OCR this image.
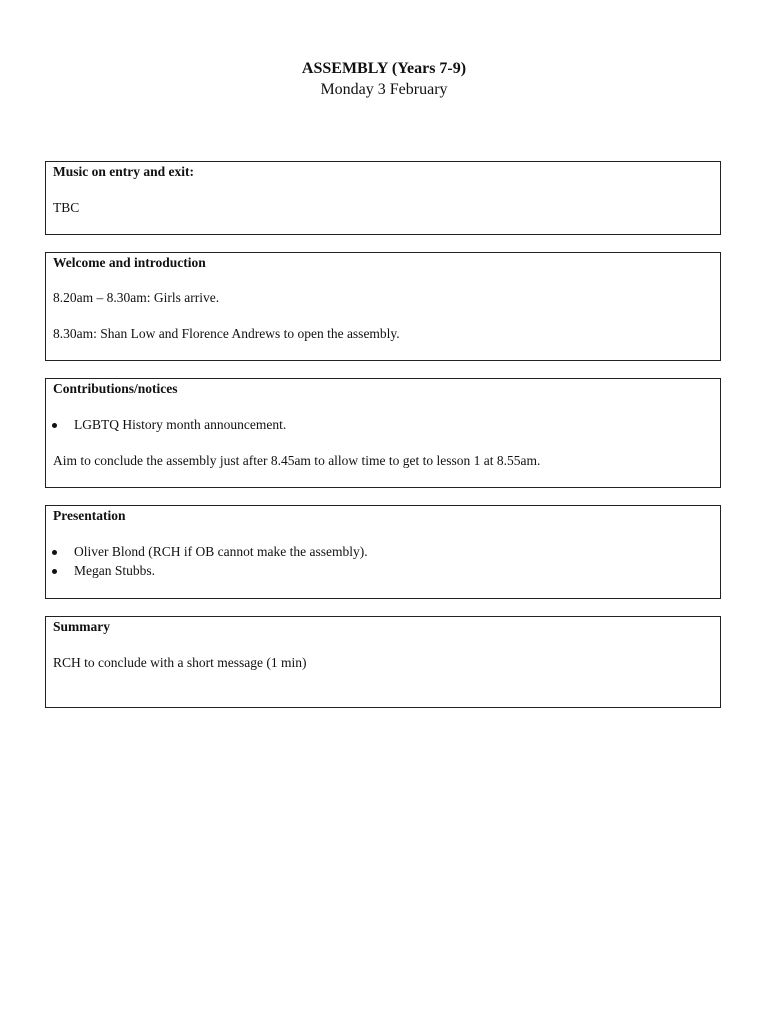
ASSEMBLY (Years 7-9)

Monday 3 February

Music on entry and exit:

TBC

Welcome and introduction

8.20am – 8.30am: Girls arrive.

8.30am: Shan Low and Florence Andrews to open the assembly.

Contributions/notices

LGBTQ History month announcement.

Aim to conclude the assembly just after 8.45am to allow time to get to lesson 1 at 8.55am.

Presentation

Oliver Blond (RCH if OB cannot make the assembly).
Megan Stubbs.

Summary

RCH to conclude with a short message (1 min)
